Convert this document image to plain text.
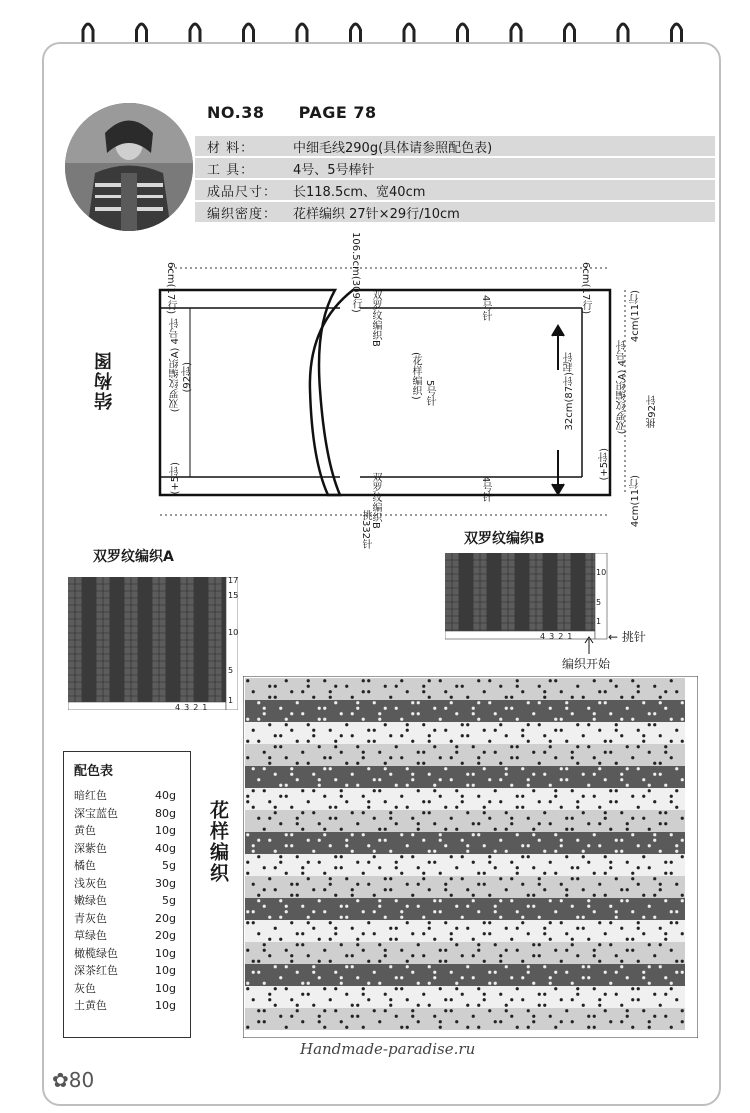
NO.38 PAGE 78
材 料：	中细毛线290g(具体请参照配色表)
工 具：	4号、5号棒针
成品尺寸：	长118.5cm、宽40cm
编织密度：	花样编织 27针×29行/10cm
结构图
6cm(17行)
106.5cm(309行)
6cm(17行)
双罗纹编织B	4号针
双罗纹编织B	4号针
(双罗纹编织A) 4号针 (92针)
(+5针)
(花样编织) 5号针	32cm(87针)起针
(+5针)
(双罗纹编织A) 4号针 挑92针
4cm(11行)
4cm(11行)
挑332针
双罗纹编织A
17
15
10
5
1
4321
双罗纹编织B
10
5
1
4321	← 挑针
编织开始
花样编织
配色表
暗红色	40g
深宝蓝色	80g
黄色	10g
深紫色	40g
橘色	5g
浅灰色	30g
嫩绿色	5g
青灰色	20g
草绿色	20g
橄榄绿色	10g
深茶红色	10g
灰色	10g
土黄色	10g
✿80
Handmade-paradise.ru
